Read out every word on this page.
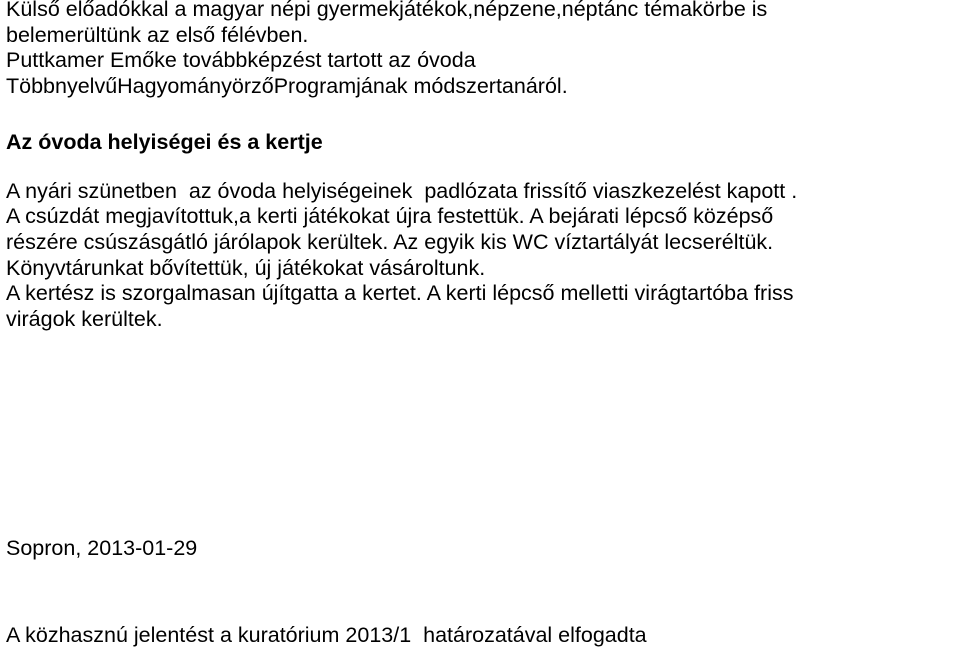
Külső előadókkal a magyar népi gyermekjátékok,népzene,néptánc témakörbe is

belemerültünk az első félévben.

Puttkamer Emőke továbbképzést tartott az óvoda

TöbbnyelvűHagyományörzőProgramjának módszertanáról.

Az óvoda helyiségei és a kertje

A nyári szünetben  az óvoda helyiségeinek  padlózata frissítő viaszkezelést kapott .

A csúzdát megjavítottuk,a kerti játékokat újra festettük. A bejárati lépcső középső

részére csúszásgátló járólapok kerültek. Az egyik kis WC víztartályát lecseréltük.

Könyvtárunkat bővítettük, új játékokat vásároltunk.

A kertész is szorgalmasan újítgatta a kertet. A kerti lépcső melletti virágtartóba friss

virágok kerültek.

Sopron, 2013-01-29
A közhasznú jelentést a kuratórium 2013/1  határozatával elfogadta
